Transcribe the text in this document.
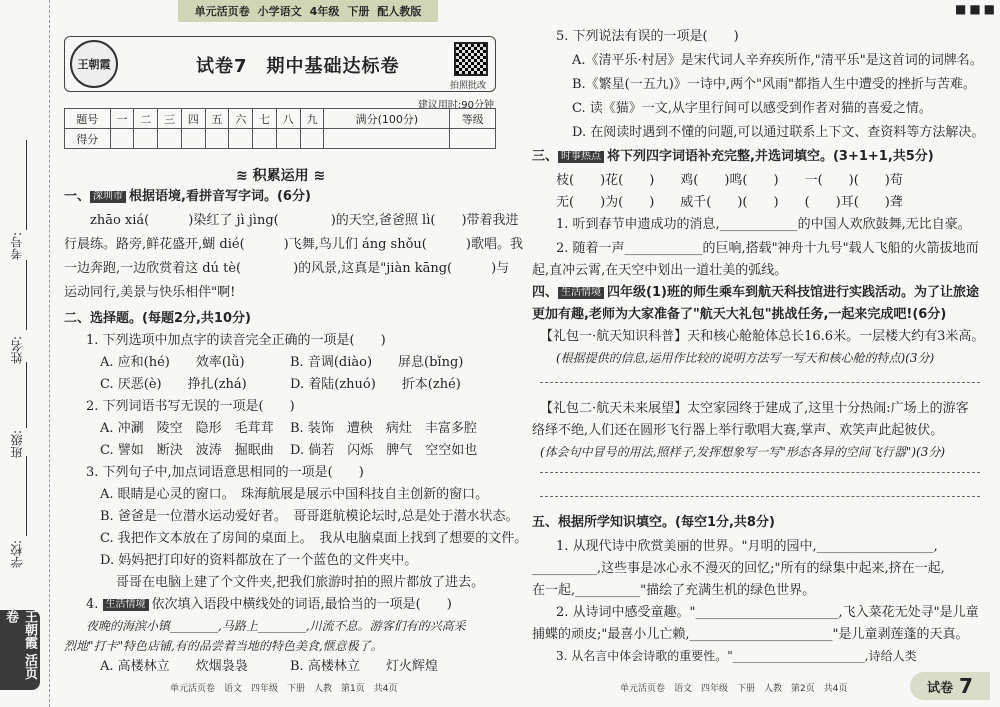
考号:
姓名:
班级:
学校:
王朝霞 活页卷
■■■
单元活页卷 小学语文 4年级 下册 配人教版
王朝霞	试卷7　期中基础达标卷
拍照批改
建议用时:90分钟
题号	一	二	三	四	五	六	七	八	九	满分(100分)	等级
得分											
≋ 积累运用 ≋
一、 深圳市 根据语境,看拼音写字词。(6分)
zhāo xiá(　　　)染红了 jì jìng(　　　　)的天空,爸爸照 lì(　　)带着我进
行晨练。路旁,鲜花盛开,蝴 dié(　　　)飞舞,鸟儿们 áng shǒu(　　　)歌唱。我
一边奔跑,一边欣赏着这 dú tè(　　　　)的风景,这真是"jiàn kāng(　　　)与
运动同行,美景与快乐相伴"啊!
二、选择题。(每题2分,共10分)
1. 下列选项中加点字的读音完全正确的一项是(　　)
A. 应和(hé)　　效率(lǜ)	B. 音调(diào)　　屏息(bǐng)
C. 厌恶(è)　　挣扎(zhá)	D. 着陆(zhuó)　　折本(zhé)
2. 下列词语书写无误的一项是(　　)
A. 冲涮　陵空　隐形　毛茸茸 B. 装饰　遭秧　病灶　丰富多腔
C. 譬如　断決　波涛　掘眠曲 D. 倘若　闪烁　脾气　空空如也
3. 下列句子中,加点词语意思相同的一项是(　　)
A. 眼睛是心灵的窗口。　珠海航展是展示中国科技自主创新的窗口。
B. 爸爸是一位潜水运动爱好者。　哥哥逛航模论坛时,总是处于潜水状态。
C. 我把作文本放在了房间的桌面上。　我从电脑桌面上找到了想要的文件。
D. 妈妈把打印好的资料都放在了一个蓝色的文件夹中。
哥哥在电脑上建了个文件夹,把我们旅游时拍的照片都放了进去。
4. 生活情境 依次填入语段中横线处的词语,最恰当的一项是(　　)
夜晚的海滨小镇________,马路上________,川流不息。游客们有的兴高采
烈地"打卡"特色店铺,有的品尝着当地的特色美食,惬意极了。
A. 高楼林立　　炊烟袅袅	B. 高楼林立　　灯火辉煌
单元活页卷　语文　四年级　下册　人教　第1页　共4页
5. 下列说法有误的一项是(　　)
A.《清平乐·村居》是宋代词人辛弃疾所作,"清平乐"是这首词的词牌名。
B.《繁星(一五九)》一诗中,两个"风雨"都指人生中遭受的挫折与苦难。
C. 读《猫》一文,从字里行间可以感受到作者对猫的喜爱之情。
D. 在阅读时遇到不懂的问题,可以通过联系上下文、查资料等方法解决。
三、 时事热点 将下列四字词语补充完整,并选词填空。(3+1+1,共5分)
枝(　　)花(　　)　　鸡(　　)鸣(　　)　　一(　　)(　　)苟
无(　　)为(　　)　　威千(　　)(　　)　　(　　)耳(　　)聋
1. 听到春节申遗成功的消息,____________的中国人欢欣鼓舞,无比自豪。
2. 随着一声____________的巨响,搭载"神舟十九号"载人飞船的火箭拔地而
起,直冲云霄,在天空中划出一道壮美的弧线。
四、 生活情境 四年级(1)班的师生乘车到航天科技馆进行实践活动。为了让旅途
更加有趣,老师为大家准备了"航天大礼包"挑战任务,一起来完成吧!(6分)
【礼包一·航天知识科普】天和核心舱舱体总长16.6米。一层楼大约有3米高。
(根据提供的信息,运用作比较的说明方法写一写天和核心舱的特点)(3分)
【礼包二·航天未来展望】太空家园终于建成了,这里十分热闹:广场上的游客
络绎不绝,人们还在圆形飞行器上举行歌唱大赛,掌声、欢笑声此起彼伏。
(体会句中冒号的用法,照样子,发挥想象写一写"形态各异的空间飞行器")(3分)
五、根据所学知识填空。(每空1分,共8分)
1. 从现代诗中欣赏美丽的世界。"月明的园中,__________________,
__________,这些事是冰心永不漫灭的回忆;"所有的绿集中起来,挤在一起,
在一起,__________"描绘了充满生机的绿色世界。
2. 从诗词中感受童趣。"______________________,飞入菜花无处寻"是儿童
捕蝶的顽皮;"最喜小儿亡赖,______________________"是儿童剥莲蓬的天真。
3. 从名言中体会诗歌的重要性。"______________________,诗给人类
单元活页卷　语文　四年级　下册　人教　第2页　共4页	试卷 7
